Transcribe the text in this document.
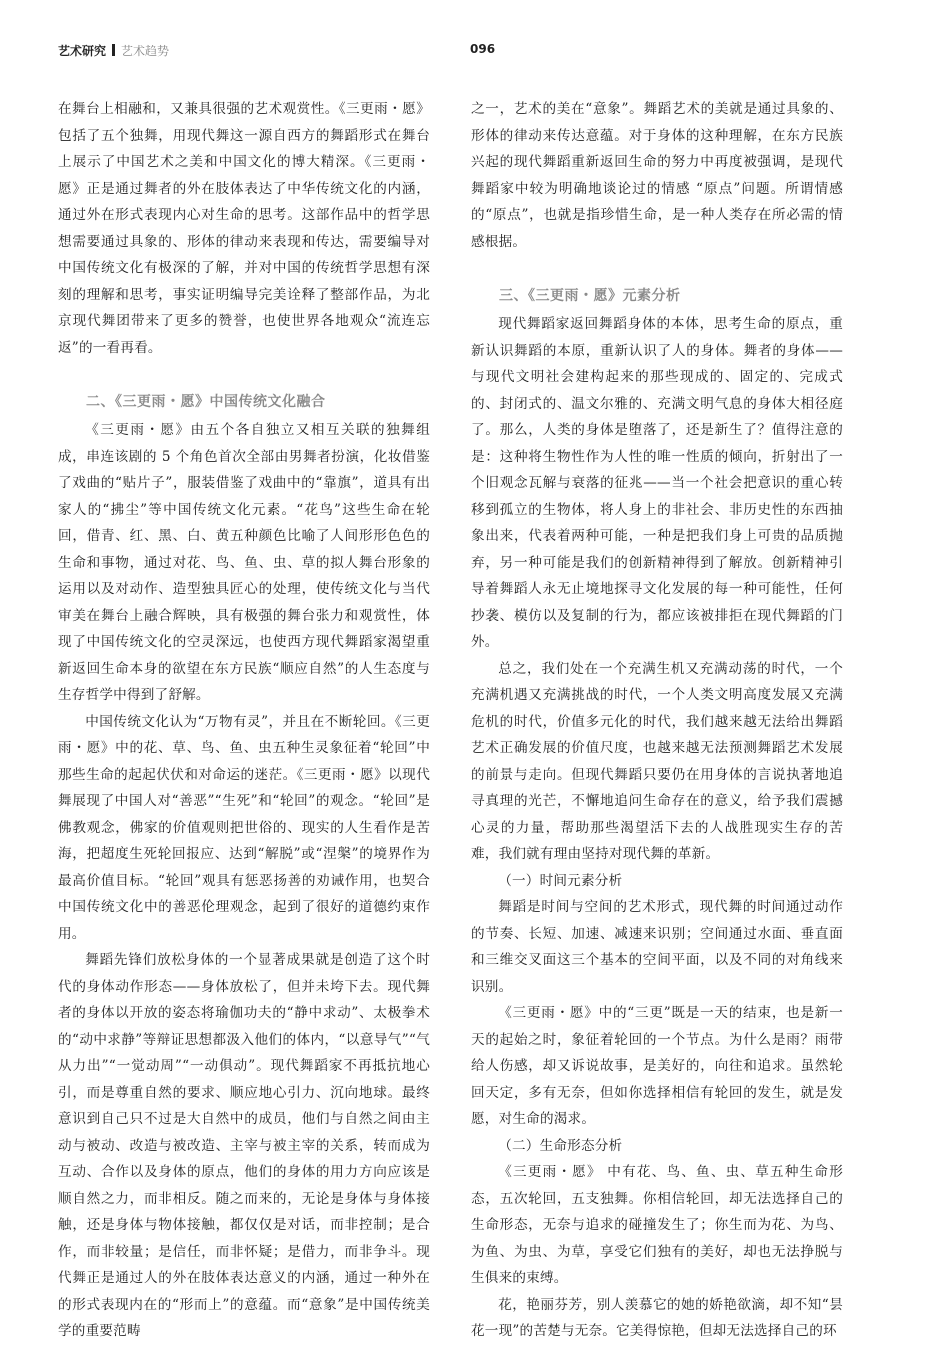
艺术研究 艺术趋势	096

在舞台上相融和，又兼具很强的艺术观赏性。《三更雨・愿》包括了五个独舞，用现代舞这一源自西方的舞蹈形式在舞台上展示了中国艺术之美和中国文化的博大精深。《三更雨・愿》正是通过舞者的外在肢体表达了中华传统文化的内涵，通过外在形式表现内心对生命的思考。这部作品中的哲学思想需要通过具象的、形体的律动来表现和传达，需要编导对中国传统文化有极深的了解，并对中国的传统哲学思想有深刻的理解和思考，事实证明编导完美诠释了整部作品，为北京现代舞团带来了更多的赞誉，也使世界各地观众“流连忘返”的一看再看。

二、《三更雨・愿》中国传统文化融合

《三更雨・愿》由五个各自独立又相互关联的独舞组成，串连该剧的 5 个角色首次全部由男舞者扮演，化妆借鉴了戏曲的“贴片子”，服装借鉴了戏曲中的“靠旗”，道具有出家人的“拂尘”等中国传统文化元素。“花鸟”这些生命在轮回，借青、红、黑、白、黄五种颜色比喻了人间形形色色的生命和事物，通过对花、鸟、鱼、虫、草的拟人舞台形象的运用以及对动作、造型独具匠心的处理，使传统文化与当代审美在舞台上融合辉映，具有极强的舞台张力和观赏性，体现了中国传统文化的空灵深远，也使西方现代舞蹈家渴望重新返回生命本身的欲望在东方民族“顺应自然”的人生态度与生存哲学中得到了舒解。

中国传统文化认为“万物有灵”，并且在不断轮回。《三更雨・愿》中的花、草、鸟、鱼、虫五种生灵象征着“轮回”中那些生命的起起伏伏和对命运的迷茫。《三更雨・愿》以现代舞展现了中国人对“善恶”“生死”和“轮回”的观念。“轮回”是佛教观念，佛家的价值观则把世俗的、现实的人生看作是苦海，把超度生死轮回报应、达到“解脱”或“涅槃”的境界作为最高价值目标。“轮回”观具有惩恶扬善的劝诫作用，也契合中国传统文化中的善恶伦理观念，起到了很好的道德约束作用。

舞蹈先锋们放松身体的一个显著成果就是创造了这个时代的身体动作形态——身体放松了，但并未垮下去。现代舞者的身体以开放的姿态将瑜伽功夫的“静中求动”、太极拳术的“动中求静”等辩证思想都汲入他们的体内，“以意导气”“气从力出”“一觉动周”“一动俱动”。现代舞蹈家不再抵抗地心引，而是尊重自然的要求、顺应地心引力、沉向地球。最终意识到自己只不过是大自然中的成员，他们与自然之间由主动与被动、改造与被改造、主宰与被主宰的关系，转而成为互动、合作以及身体的原点，他们的身体的用力方向应该是顺自然之力，而非相反。随之而来的，无论是身体与身体接触，还是身体与物体接触，都仅仅是对话，而非控制；是合作，而非较量；是信任，而非怀疑；是借力，而非争斗。现代舞正是通过人的外在肢体表达意义的内涵，通过一种外在的形式表现内在的“形而上”的意蕴。而“意象”是中国传统美学的重要范畴

之一，艺术的美在“意象”。舞蹈艺术的美就是通过具象的、形体的律动来传达意蕴。对于身体的这种理解，在东方民族兴起的现代舞蹈重新返回生命的努力中再度被强调，是现代舞蹈家中较为明确地谈论过的情感 “原点”问题。所谓情感的“原点”，也就是指珍惜生命，是一种人类存在所必需的情感根据。

三、《三更雨・愿》元素分析

现代舞蹈家返回舞蹈身体的本体，思考生命的原点，重新认识舞蹈的本原，重新认识了人的身体。舞者的身体——与现代文明社会建构起来的那些现成的、固定的、完成式的、封闭式的、温文尔雅的、充满文明气息的身体大相径庭了。那么，人类的身体是堕落了，还是新生了？值得注意的是：这种将生物性作为人性的唯一性质的倾向，折射出了一个旧观念瓦解与衰落的征兆——当一个社会把意识的重心转移到孤立的生物体，将人身上的非社会、非历史性的东西抽象出来，代表着两种可能，一种是把我们身上可贵的品质抛弃，另一种可能是我们的创新精神得到了解放。创新精神引导着舞蹈人永无止境地探寻文化发展的每一种可能性，任何抄袭、模仿以及复制的行为，都应该被排拒在现代舞蹈的门外。

总之，我们处在一个充满生机又充满动荡的时代，一个充满机遇又充满挑战的时代，一个人类文明高度发展又充满危机的时代，价值多元化的时代，我们越来越无法给出舞蹈艺术正确发展的价值尺度，也越来越无法预测舞蹈艺术发展的前景与走向。但现代舞蹈只要仍在用身体的言说执著地追寻真理的光芒，不懈地追问生命存在的意义，给予我们震撼心灵的力量，帮助那些渴望活下去的人战胜现实生存的苦难，我们就有理由坚持对现代舞的革新。

（一）时间元素分析

舞蹈是时间与空间的艺术形式，现代舞的时间通过动作的节奏、长短、加速、减速来识别；空间通过水面、垂直面和三维交叉面这三个基本的空间平面，以及不同的对角线来识别。

《三更雨・愿》中的“三更”既是一天的结束，也是新一天的起始之时，象征着轮回的一个节点。为什么是雨？雨带给人伤感，却又诉说故事，是美好的，向往和追求。虽然轮回天定，多有无奈，但如你选择相信有轮回的发生，就是发愿，对生命的渴求。

（二）生命形态分析

《三更雨・愿》 中有花、鸟、鱼、虫、草五种生命形态，五次轮回，五支独舞。你相信轮回，却无法选择自己的生命形态，无奈与追求的碰撞发生了；你生而为花、为鸟、为鱼、为虫、为草，享受它们独有的美好，却也无法挣脱与生俱来的束缚。

花，艳丽芬芳，别人羡慕它的她的娇艳欲滴，却不知“昙花一现”的苦楚与无奈。它美得惊艳，但却无法选择自己的环
